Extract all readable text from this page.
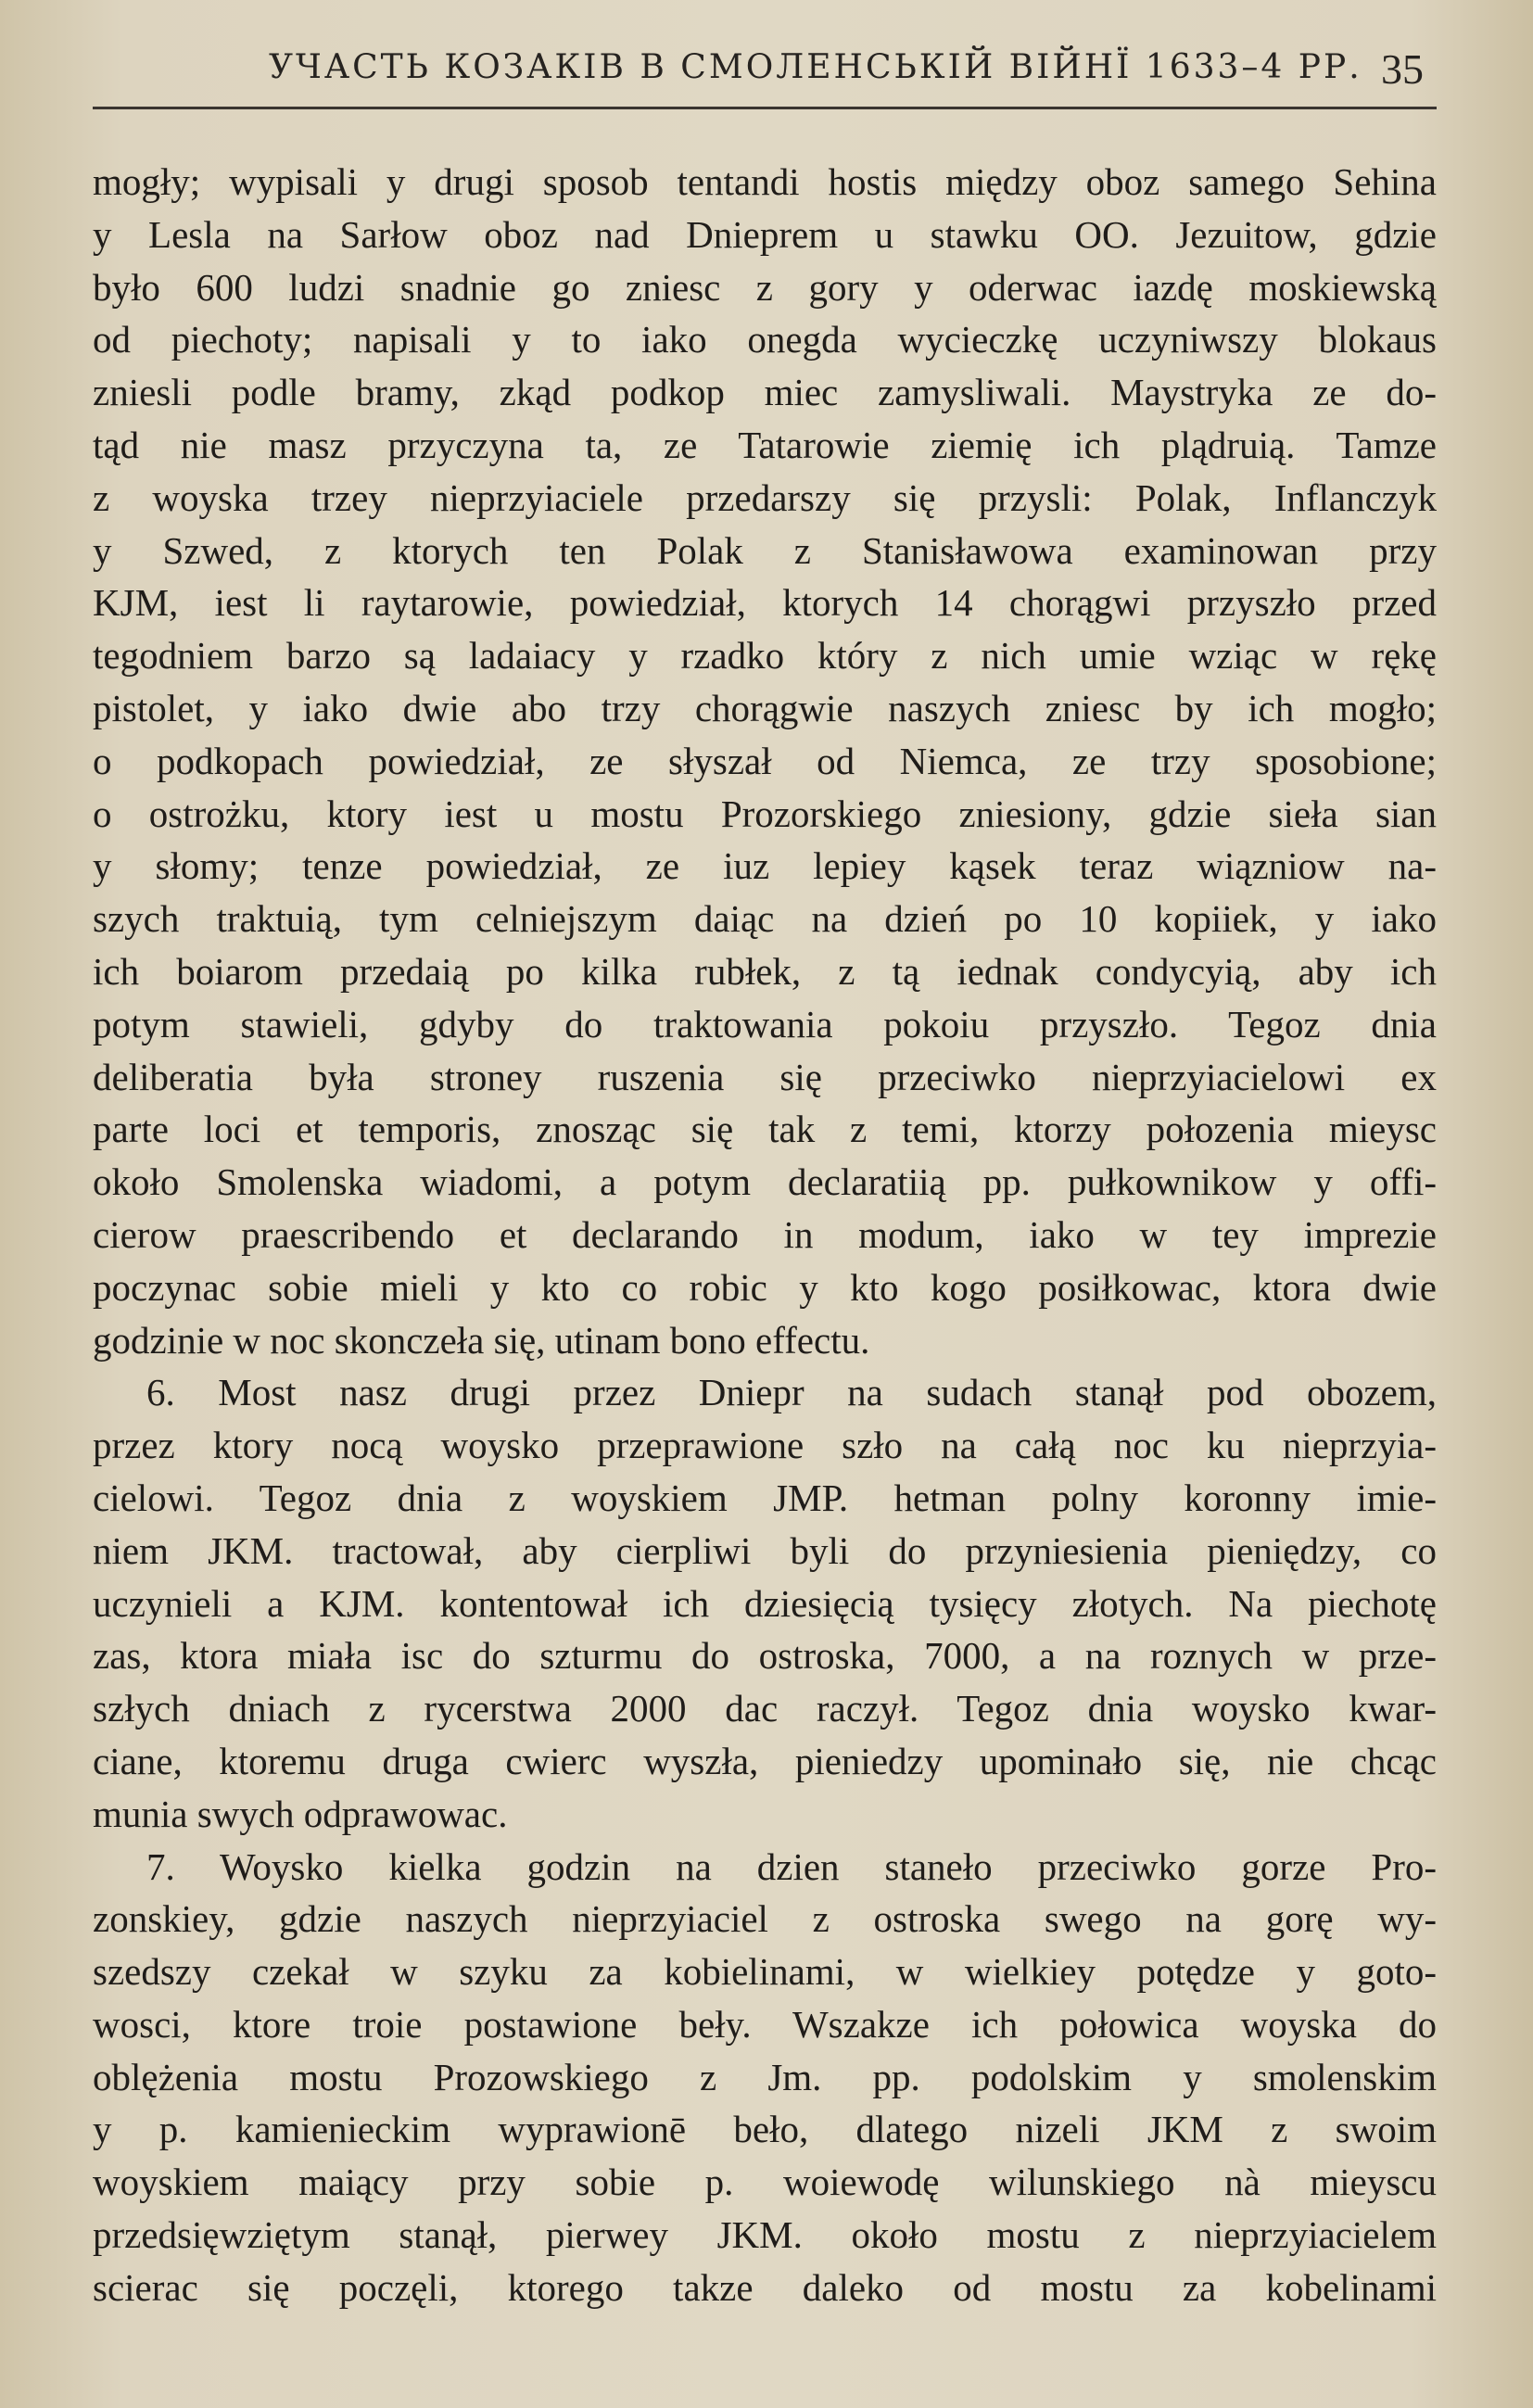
УЧАСТЬ КОЗАКІВ В СМОЛЕНСЬКІЙ ВІЙНЇ 1633–4 РР. 35
mogły; wypisali y drugi sposob tentandi hostis między oboz samego Sehina
y Lesla na Sarłow oboz nad Dnieprem u stawku OO. Jezuitow, gdzie
było 600 ludzi snadnie go zniesc z gory y oderwac iazdę moskiewską
od piechoty; napisali y to iako onegda wycieczkę uczyniwszy blokaus
zniesli podle bramy, zkąd podkop miec zamysliwali. Maystryka ze do-
tąd nie masz przyczyna ta, ze Tatarowie ziemię ich plądruią. Tamze
z woyska trzey nieprzyiaciele przedarszy się przysli: Polak, Inflanczyk
y Szwed, z ktorych ten Polak z Stanisławowa examinowan przy
KJM, iest li raytarowie, powiedział, ktorych 14 chorągwi przyszło przed
tegodniem barzo są ladaiacy y rzadko który z nich umie wziąc w rękę
pistolet, y iako dwie abo trzy chorągwie naszych zniesc by ich mogło;
o podkopach powiedział, ze słyszał od Niemca, ze trzy sposobione;
o ostrożku, ktory iest u mostu Prozorskiego zniesiony, gdzie sieła sian
y słomy; tenze powiedział, ze iuz lepiey kąsek teraz wiązniow na-
szych traktuią, tym celniejszym daiąc na dzień po 10 kopiiek, y iako
ich boiarom przedaią po kilka rubłek, z tą iednak condycyią, aby ich
potym stawieli, gdyby do traktowania pokoiu przyszło. Tegoz dnia
deliberatia była stroney ruszenia się przeciwko nieprzyiacielowi ex
parte loci et temporis, znosząc się tak z temi, ktorzy połozenia mieysc
około Smolenska wiadomi, a potym declaratiią pp. pułkownikow y offi-
cierow praescribendo et declarando in modum, iako w tey imprezie
poczynac sobie mieli y kto co robic y kto kogo posiłkowac, ktora dwie
godzinie w noc skonczeła się, utinam bono effectu.
6. Most nasz drugi przez Dniepr na sudach stanął pod obozem,
przez ktory nocą woysko przeprawione szło na całą noc ku nieprzyia-
cielowi. Tegoz dnia z woyskiem JMP. hetman polny koronny imie-
niem JKM. tractował, aby cierpliwi byli do przyniesienia pieniędzy, co
uczynieli a KJM. kontentował ich dziesięcią tysięcy złotych. Na piechotę
zas, ktora miała isc do szturmu do ostroska, 7000, a na roznych w prze-
szłych dniach z rycerstwa 2000 dac raczył. Tegoz dnia woysko kwar-
ciane, ktoremu druga cwierc wyszła, pieniedzy upominało się, nie chcąc
munia swych odprawowac.
7. Woysko kielka godzin na dzien staneło przeciwko gorze Pro-
zonskiey, gdzie naszych nieprzyiaciel z ostroska swego na gorę wy-
szedszy czekał w szyku za kobielinami, w wielkiey potędze y goto-
wosci, ktore troie postawione beły. Wszakze ich połowica woyska do
oblężenia mostu Prozowskiego z Jm. pp. podolskim y smolenskim
y p. kamienieckim wyprawionē beło, dlatego nizeli JKM z swoim
woyskiem maiący przy sobie p. woiewodę wilunskiego nà mieyscu
przedsięwziętym stanął, pierwey JKM. około mostu z nieprzyiacielem
scierac się poczęli, ktorego takze daleko od mostu za kobelinami
